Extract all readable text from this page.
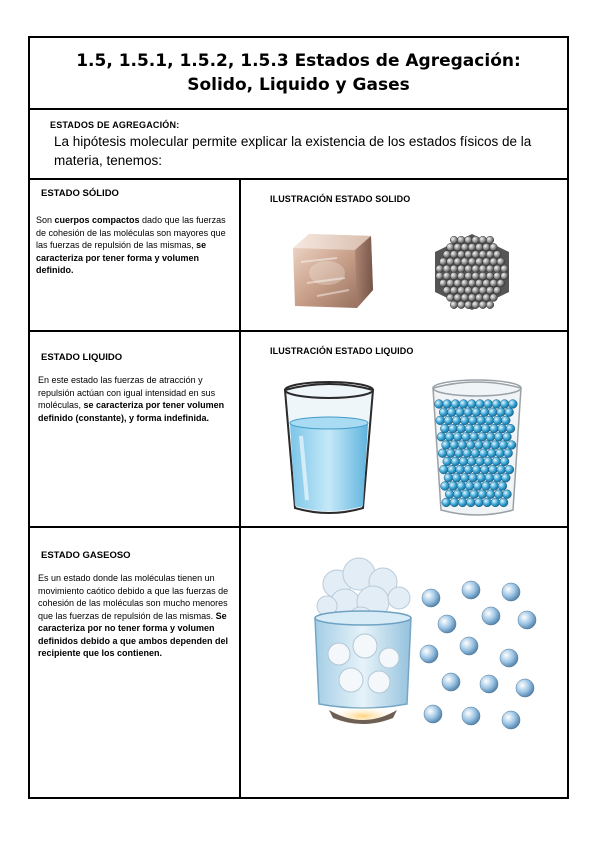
1.5, 1.5.1, 1.5.2, 1.5.3 Estados de Agregación:
Solido, Liquido y Gases
ESTADOS DE AGREGACIÓN:
La hipótesis molecular permite explicar la existencia de los estados físicos de la materia, tenemos:
ESTADO SÓLIDO
Son cuerpos compactos dado que las fuerzas de cohesión de las moléculas son mayores que las fuerzas de repulsión de las mismas, se caracteriza por tener forma y volumen definido.
ILUSTRACIÓN ESTADO SOLIDO
ESTADO LIQUIDO
En este estado las fuerzas de atracción y repulsión actúan con igual intensidad en sus moléculas, se caracteriza por tener volumen definido (constante), y forma indefinida.
ILUSTRACIÓN ESTADO LIQUIDO
ESTADO GASEOSO
Es un estado donde las moléculas tienen un movimiento caótico debido a que las fuerzas de cohesión de las moléculas son mucho menores que las fuerzas de repulsión de las mismas. Se caracteriza por no tener forma y volumen definidos debido a que ambos dependen del recipiente que los contienen.
